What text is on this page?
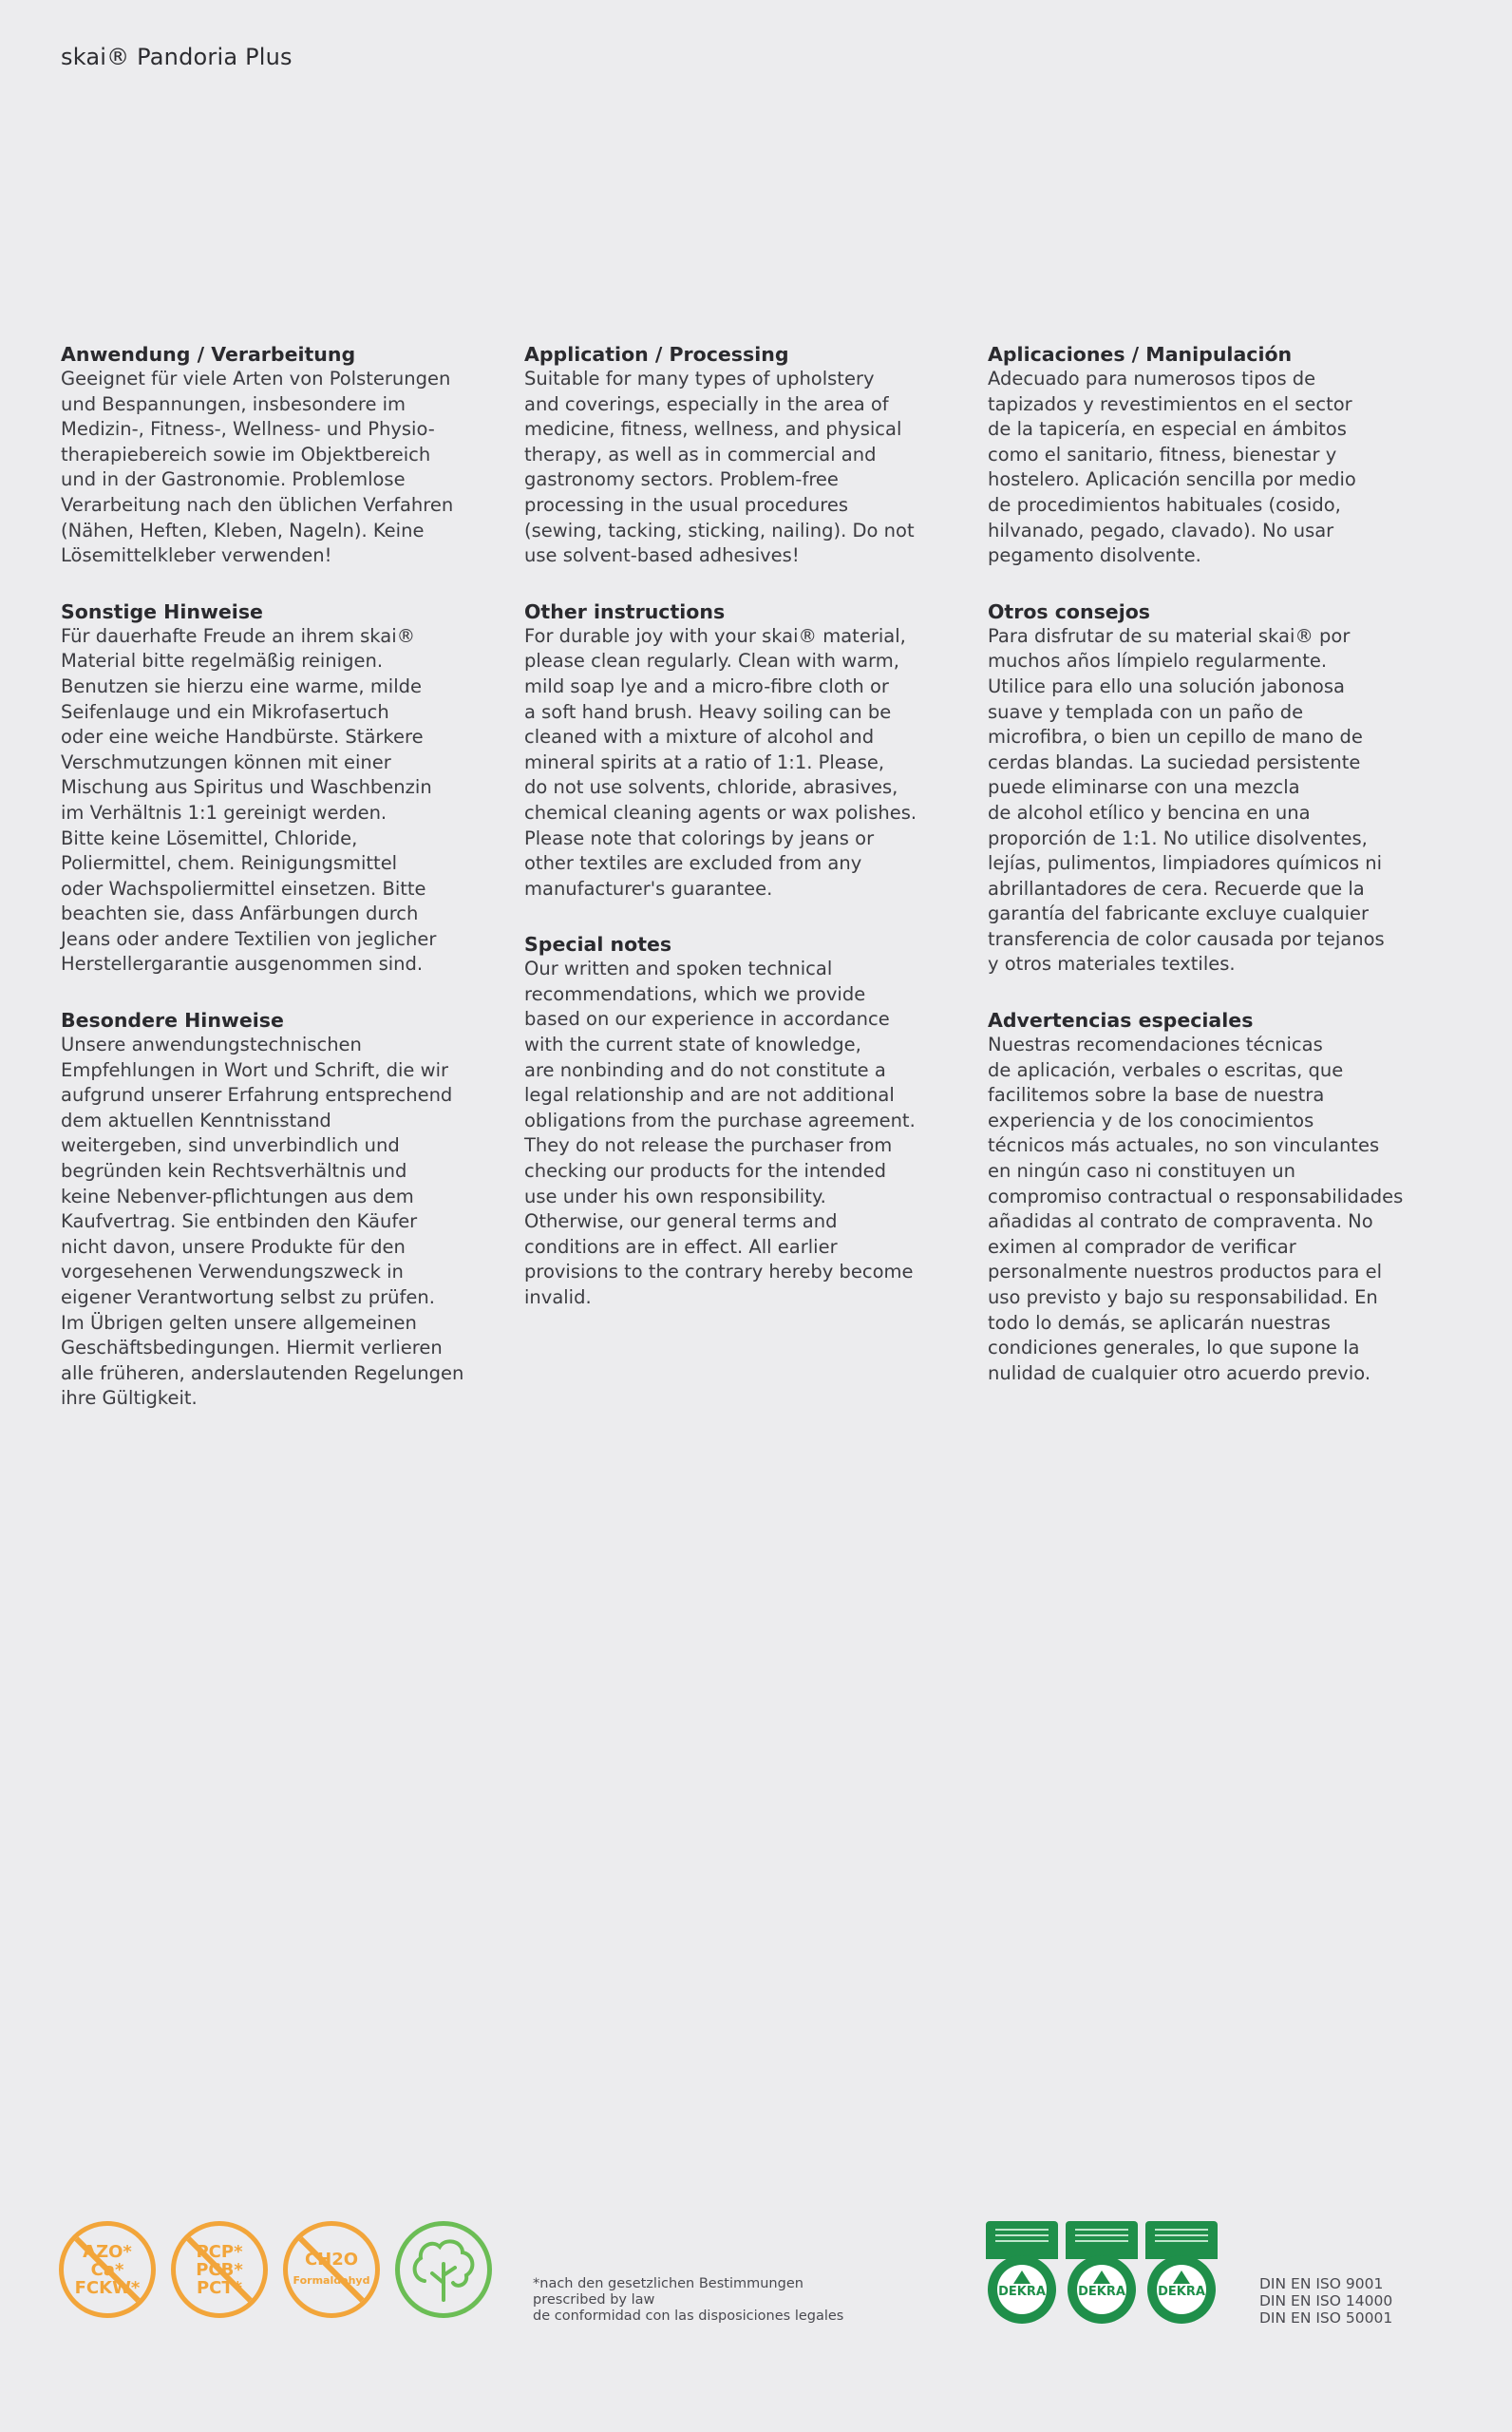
skai® Pandoria Plus
Anwendung / Verarbeitung
Geeignet für viele Arten von Polsterungen
und Bespannungen, insbesondere im
Medizin-, Fitness-, Wellness- und Physio-
therapiebereich sowie im Objektbereich
und in der Gastronomie. Problemlose
Verarbeitung nach den üblichen Verfahren
(Nähen, Heften, Kleben, Nageln). Keine
Lösemittelkleber verwenden!
Sonstige Hinweise
Für dauerhafte Freude an ihrem skai®
Material bitte regelmäßig reinigen.
Benutzen sie hierzu eine warme, milde
Seifenlauge und ein Mikrofasertuch
oder eine weiche Handbürste. Stärkere
Verschmutzungen können mit einer
Mischung aus Spiritus und Waschbenzin
im Verhältnis 1:1 gereinigt werden.
Bitte keine Lösemittel, Chloride,
Poliermittel, chem. Reinigungsmittel
oder Wachspoliermittel einsetzen. Bitte
beachten sie, dass Anfärbungen durch
Jeans oder andere Textilien von jeglicher
Herstellergarantie ausgenommen sind.
Besondere Hinweise
Unsere anwendungstechnischen
Empfehlungen in Wort und Schrift, die wir
aufgrund unserer Erfahrung entsprechend
dem aktuellen Kenntnisstand
weitergeben, sind unverbindlich und
begründen kein Rechtsverhältnis und
keine Nebenver-pflichtungen aus dem
Kaufvertrag. Sie entbinden den Käufer
nicht davon, unsere Produkte für den
vorgesehenen Verwendungszweck in
eigener Verantwortung selbst zu prüfen.
Im Übrigen gelten unsere allgemeinen
Geschäftsbedingungen. Hiermit verlieren
alle früheren, anderslautenden Regelungen
ihre Gültigkeit.
Application / Processing
Suitable for many types of upholstery
and coverings, especially in the area of
medicine, fitness, wellness, and physical
therapy, as well as in commercial and
gastronomy sectors. Problem-free
processing in the usual procedures
(sewing, tacking, sticking, nailing). Do not
use solvent-based adhesives!
Other instructions
For durable joy with your skai® material,
please clean regularly. Clean with warm,
mild soap lye and a micro-fibre cloth or
a soft hand brush. Heavy soiling can be
cleaned with a mixture of alcohol and
mineral spirits at a ratio of 1:1. Please,
do not use solvents, chloride, abrasives,
chemical cleaning agents or wax polishes.
Please note that colorings by jeans or
other textiles are excluded from any
manufacturer's guarantee.
Special notes
Our written and spoken technical
recommendations, which we provide
based on our experience in accordance
with the current state of knowledge,
are nonbinding and do not constitute a
legal relationship and are not additional
obligations from the purchase agreement.
They do not release the purchaser from
checking our products for the intended
use under his own responsibility.
Otherwise, our general terms and
conditions are in effect. All earlier
provisions to the contrary hereby become
invalid.
Aplicaciones / Manipulación
Adecuado para numerosos tipos de
tapizados y revestimientos en el sector
de la tapicería, en especial en ámbitos
como el sanitario, fitness, bienestar y
hostelero. Aplicación sencilla por medio
de procedimientos habituales (cosido,
hilvanado, pegado, clavado). No usar
pegamento disolvente.
Otros consejos
Para disfrutar de su material skai® por
muchos años límpielo regularmente.
Utilice para ello una solución jabonosa
suave y templada con un paño de
microfibra, o bien un cepillo de mano de
cerdas blandas. La suciedad persistente
puede eliminarse con una mezcla
de alcohol etílico y bencina en una
proporción de 1:1. No utilice disolventes,
lejías, pulimentos, limpiadores químicos ni
abrillantadores de cera. Recuerde que la
garantía del fabricante excluye cualquier
transferencia de color causada por tejanos
y otros materiales textiles.
Advertencias especiales
Nuestras recomendaciones técnicas
de aplicación, verbales o escritas, que
facilitemos sobre la base de nuestra
experiencia y de los conocimientos
técnicos más actuales, no son vinculantes
en ningún caso ni constituyen un
compromiso contractual o responsabilidades
añadidas al contrato de compraventa. No
eximen al comprador de verificar
personalmente nuestros productos para el
uso previsto y bajo su responsabilidad. En
todo lo demás, se aplicarán nuestras
condiciones generales, lo que supone la
nulidad de cualquier otro acuerdo previo.
AZO*
Ca*
FCKW*
PCP*
PCB*
PCT*
CH2O
Formaldehyd	*nach den gesetzlichen Bestimmungen
prescribed by law
de conformidad con las disposiciones legales
DEKRA	DEKRA	DEKRA	DIN EN ISO 9001
DIN EN ISO 14000
DIN EN ISO 50001
